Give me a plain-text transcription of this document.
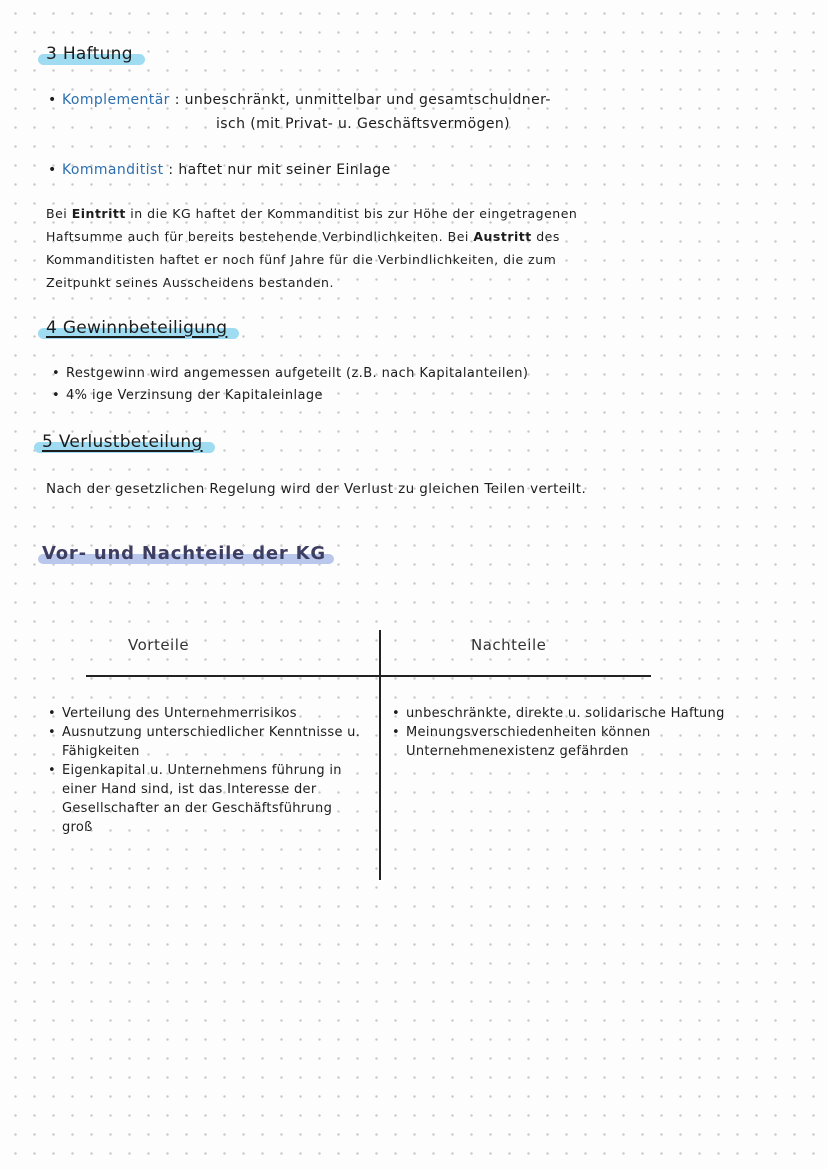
3 Haftung
• Komplementär : unbeschränkt, unmittelbar und gesamtschuldner-
isch (mit Privat- u. Geschäftsvermögen)
• Kommanditist : haftet nur mit seiner Einlage
Bei Eintritt in die KG haftet der Kommanditist bis zur Höhe der eingetragenen
Haftsumme auch für bereits bestehende Verbindlichkeiten. Bei Austritt des
Kommanditisten haftet er noch fünf Jahre für die Verbindlichkeiten, die zum
Zeitpunkt seines Ausscheidens bestanden.
4 Gewinnbeteiligung
• Restgewinn wird angemessen aufgeteilt (z.B. nach Kapitalanteilen)
• 4% ige Verzinsung der Kapitaleinlage
5 Verlustbeteilung
Nach der gesetzlichen Regelung wird der Verlust zu gleichen Teilen verteilt.
Vor- und Nachteile der KG
Vorteile	Nachteile
• Verteilung des Unternehmerrisikos
• Ausnutzung unterschiedlicher Kenntnisse u. Fähigkeiten
• Eigenkapital u. Unternehmens führung in einer Hand sind, ist das Interesse der Gesellschafter an der Geschäftsführung groß
• unbeschränkte, direkte u. solidarische Haftung
• Meinungsverschiedenheiten können Unternehmenexistenz gefährden
